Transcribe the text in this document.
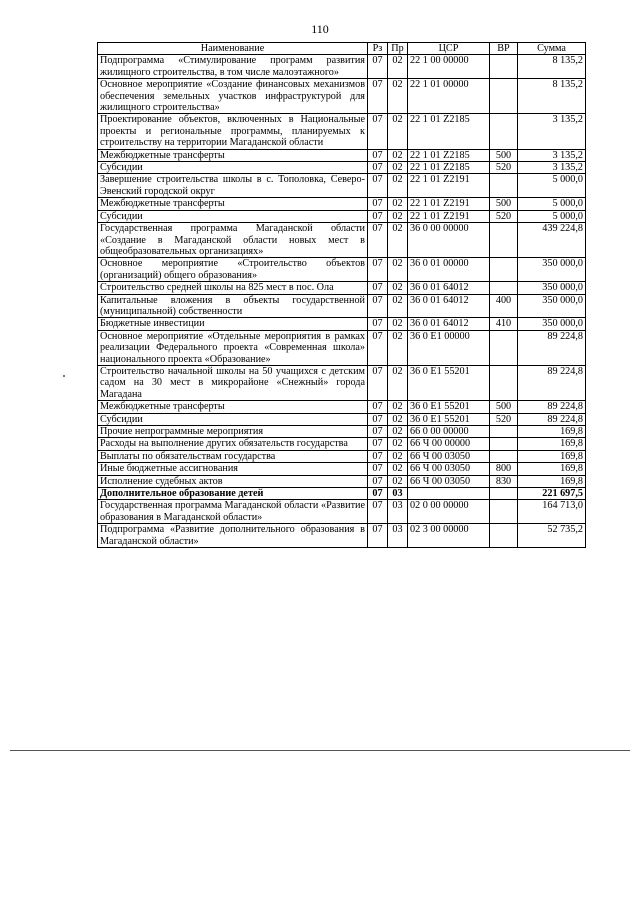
110
Наименование	Рз	Пр	ЦСР	ВР	Сумма
Подпрограмма «Стимулирование программ развития жилищного строительства, в том числе малоэтажного»	07	02	22 1 00 00000		8 135,2
Основное мероприятие «Создание финансовых механизмов обеспечения земельных участков инфраструктурой для жилищного строительства»	07	02	22 1 01 00000		8 135,2
Проектирование объектов, включенных в Национальные проекты и региональные программы, планируемых к строительству на территории Магаданской области	07	02	22 1 01 Z2185		3 135,2
Межбюджетные трансферты	07	02	22 1 01 Z2185	500	3 135,2
Субсидии	07	02	22 1 01 Z2185	520	3 135,2
Завершение строительства школы в с. Тополовка, Северо-Эвенский городской округ	07	02	22 1 01 Z2191		5 000,0
Межбюджетные трансферты	07	02	22 1 01 Z2191	500	5 000,0
Субсидии	07	02	22 1 01 Z2191	520	5 000,0
Государственная программа Магаданской области «Создание в Магаданской области новых мест в общеобразовательных организациях»	07	02	36 0 00 00000		439 224,8
Основное мероприятие «Строительство объектов (организаций) общего образования»	07	02	36 0 01 00000		350 000,0
Строительство средней школы на 825 мест в пос. Ола	07	02	36 0 01 64012		350 000,0
Капитальные вложения в объекты государственной (муниципальной) собственности	07	02	36 0 01 64012	400	350 000,0
Бюджетные инвестиции	07	02	36 0 01 64012	410	350 000,0
Основное мероприятие «Отдельные мероприятия в рамках реализации Федерального проекта «Современная школа» национального проекта «Образование»	07	02	36 0 E1 00000		89 224,8
Строительство начальной школы на 50 учащихся с детским садом на 30 мест в микрорайоне «Снежный» города Магадана	07	02	36 0 E1 55201		89 224,8
Межбюджетные трансферты	07	02	36 0 E1 55201	500	89 224,8
Субсидии	07	02	36 0 E1 55201	520	89 224,8
Прочие непрограммные мероприятия	07	02	66 0 00 00000		169,8
Расходы на выполнение других обязательств государства	07	02	66 Ч 00 00000		169,8
Выплаты по обязательствам государства	07	02	66 Ч 00 03050		169,8
Иные бюджетные ассигнования	07	02	66 Ч 00 03050	800	169,8
Исполнение судебных актов	07	02	66 Ч 00 03050	830	169,8
Дополнительное образование детей	07	03			221 697,5
Государственная программа Магаданской области «Развитие образования в Магаданской области»	07	03	02 0 00 00000		164 713,0
Подпрограмма «Развитие дополнительного образования в Магаданской области»	07	03	02 3 00 00000		52 735,2
